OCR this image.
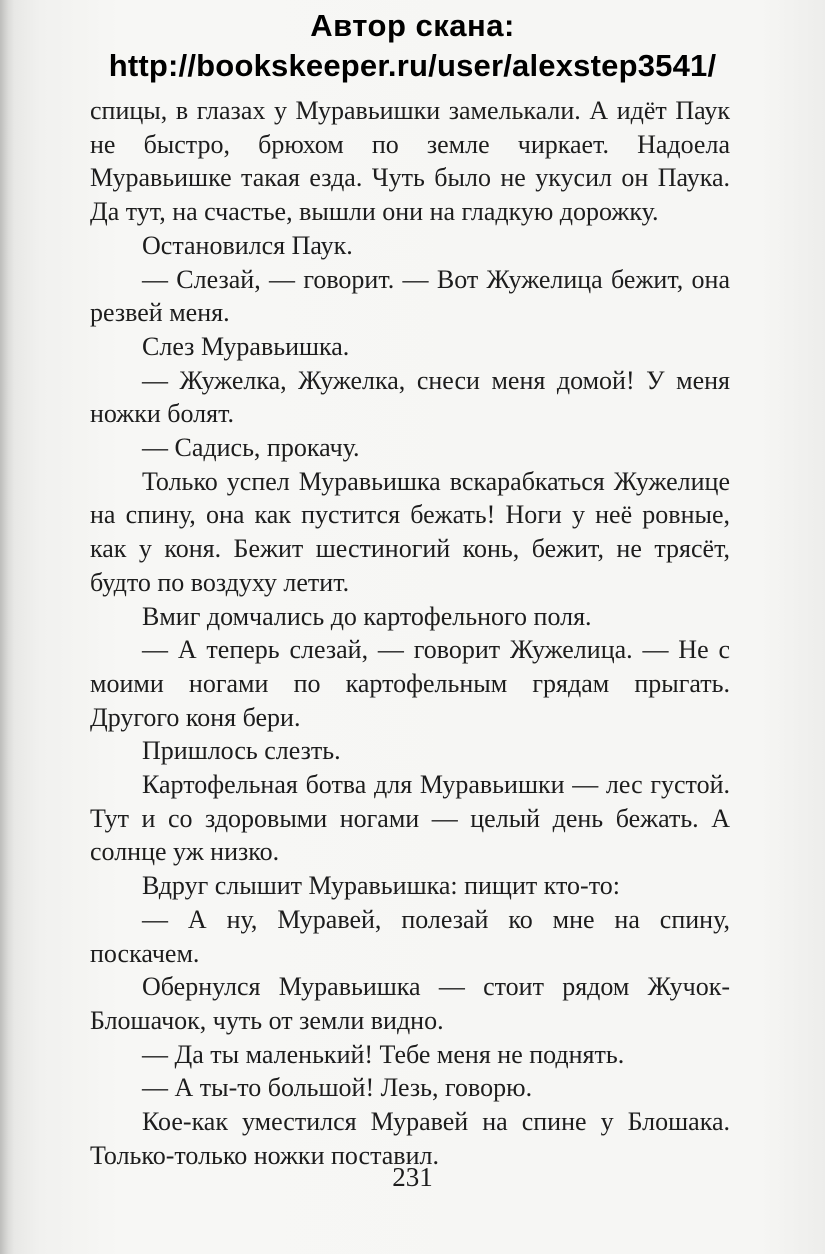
Автор скана:
http://bookskeeper.ru/user/alexstep3541/

спицы, в глазах у Муравьишки замелькали. А идёт Паук не быстро, брюхом по земле чиркает. Надоела Муравьишке такая езда. Чуть было не укусил он Паука. Да тут, на счастье, вышли они на гладкую дорожку.

Остановился Паук.

— Слезай, — говорит. — Вот Жужелица бежит, она резвей меня.

Слез Муравьишка.

— Жужелка, Жужелка, снеси меня домой! У меня ножки болят.

— Садись, прокачу.

Только успел Муравьишка вскарабкаться Жужелице на спину, она как пустится бежать! Ноги у неё ровные, как у коня. Бежит шестиногий конь, бежит, не трясёт, будто по воздуху летит.

Вмиг домчались до картофельного поля.

— А теперь слезай, — говорит Жужелица. — Не с моими ногами по картофельным грядам прыгать. Другого коня бери.

Пришлось слезть.

Картофельная ботва для Муравьишки — лес густой. Тут и со здоровыми ногами — целый день бежать. А солнце уж низко.

Вдруг слышит Муравьишка: пищит кто-то:

— А ну, Муравей, полезай ко мне на спину, поскачем.

Обернулся Муравьишка — стоит рядом Жучок-Блошачок, чуть от земли видно.

— Да ты маленький! Тебе меня не поднять.

— А ты-то большой! Лезь, говорю.

Кое-как уместился Муравей на спине у Блошака. Только-только ножки поставил.

231
